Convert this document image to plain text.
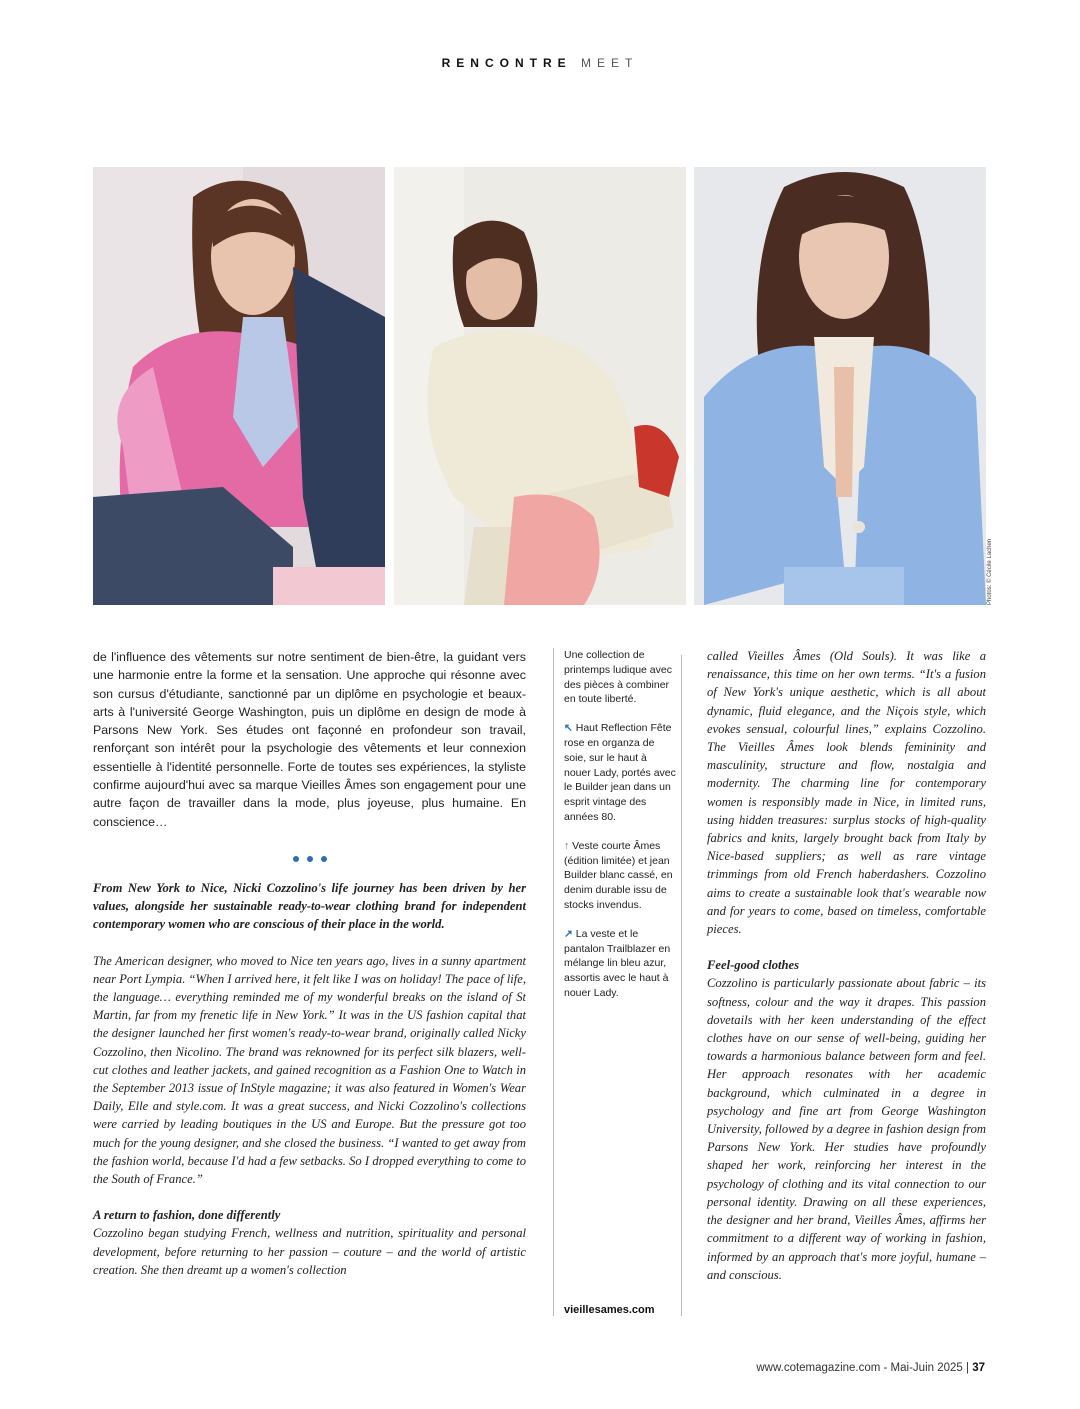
RENCONTRE MEET
Photos: © Cécile Lachen

de l'influence des vêtements sur notre sentiment de bien-être, la guidant vers une harmonie entre la forme et la sensation. Une approche qui résonne avec son cursus d'étudiante, sanctionné par un diplôme en psychologie et beaux-arts à l'université George Washington, puis un diplôme en design de mode à Parsons New York. Ses études ont façonné en profondeur son travail, renforçant son intérêt pour la psychologie des vêtements et leur connexion essentielle à l'identité personnelle. Forte de toutes ses expériences, la styliste confirme aujourd'hui avec sa marque Vieilles Âmes son engagement pour une autre façon de travailler dans la mode, plus joyeuse, plus humaine. En conscience…

From New York to Nice, Nicki Cozzolino's life journey has been driven by her values, alongside her sustainable ready-to-wear clothing brand for independent contemporary women who are conscious of their place in the world.

The American designer, who moved to Nice ten years ago, lives in a sunny apartment near Port Lympia. “When I arrived here, it felt like I was on holiday! The pace of life, the language… everything reminded me of my wonderful breaks on the island of St Martin, far from my frenetic life in New York.” It was in the US fashion capital that the designer launched her first women's ready-to-wear brand, originally called Nicky Cozzolino, then Nicolino. The brand was reknowned for its perfect silk blazers, well-cut clothes and leather jackets, and gained recognition as a Fashion One to Watch in the September 2013 issue of InStyle magazine; it was also featured in Women's Wear Daily, Elle and style.com. It was a great success, and Nicki Cozzolino's collections were carried by leading boutiques in the US and Europe. But the pressure got too much for the young designer, and she closed the business. “I wanted to get away from the fashion world, because I'd had a few setbacks. So I dropped everything to come to the South of France.”

A return to fashion, done differently

Cozzolino began studying French, wellness and nutrition, spirituality and personal development, before returning to her passion – couture – and the world of artistic creation. She then dreamt up a women's collection

Une collection de printemps ludique avec des pièces à combiner en toute liberté.

↖ Haut Reflection Fête rose en organza de soie, sur le haut à nouer Lady, portés avec le Builder jean dans un esprit vintage des années 80.

↑ Veste courte Âmes (édition limitée) et jean Builder blanc cassé, en denim durable issu de stocks invendus.

↗ La veste et le pantalon Trailblazer en mélange lin bleu azur, assortis avec le haut à nouer Lady.

vieillesames.com

called Vieilles Âmes (Old Souls). It was like a renaissance, this time on her own terms. “It's a fusion of New York's unique aesthetic, which is all about dynamic, fluid elegance, and the Niçois style, which evokes sensual, colourful lines,” explains Cozzolino. The Vieilles Âmes look blends femininity and masculinity, structure and flow, nostalgia and modernity. The charming line for contemporary women is responsibly made in Nice, in limited runs, using hidden treasures: surplus stocks of high-quality fabrics and knits, largely brought back from Italy by Nice-based suppliers; as well as rare vintage trimmings from old French haberdashers. Cozzolino aims to create a sustainable look that's wearable now and for years to come, based on timeless, comfortable pieces.

Feel-good clothes

Cozzolino is particularly passionate about fabric – its softness, colour and the way it drapes. This passion dovetails with her keen understanding of the effect clothes have on our sense of well-being, guiding her towards a harmonious balance between form and feel. Her approach resonates with her academic background, which culminated in a degree in psychology and fine art from George Washington University, followed by a degree in fashion design from Parsons New York. Her studies have profoundly shaped her work, reinforcing her interest in the psychology of clothing and its vital connection to our personal identity. Drawing on all these experiences, the designer and her brand, Vieilles Âmes, affirms her commitment to a different way of working in fashion, informed by an approach that's more joyful, humane – and conscious.

www.cotemagazine.com - Mai-Juin 2025 | 37
